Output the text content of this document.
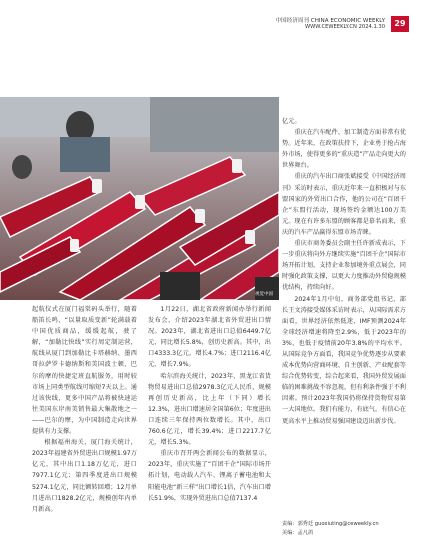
中国经济周刊 CHINA ECONOMIC WEEKLY
WWW.CEWEEKLY.CN 2024.1.30	29
视觉中国

起航仪式在厦门福棠码头举行，随着船笛长鸣，“以量取质变新”轮满载着中国优质商品，缓缓起航，驶了解，“加勒比快线”实行周定制运营，航线从厦门到加勒比卡塔赫纳、墨西哥拉萨罗卡德纳斯和美国波士顿、巴尔的摩的快捷定班直航服务，用时较市场上同类型航线可缩短7天以上。通过该快线，更多中国产品将被快速运往美国东岸南美销售最大集散地之一——巴尔的摩，为中国制造走向世界提供有力支撑。

根据福州海关、厦门海关统计，2023年福建省外贸进出口规模1.97万亿元，其中出口1.18万亿元，进口7977.1亿元；第四季度进出口规模5274.1亿元，同比额转回增；12月单月进出口1828.2亿元，规模创年内单月新高。

1月22日，湖北省政府新闻办举行新闻发布会，介绍2023年湖北省外贸进出口情况。2023年，湖北省进出口总值6449.7亿元，同比增长5.8%，创历史新高。其中，出口4333.3亿元，增长4.7%；进口2116.4亿元，增长7.9%。

哈尔滨海关统计，2023年，黑龙江省货物贸易进出口总值2978.3亿元人民币，规模再创历史新高，比上年（下同）增长12.3%，进出口增速居全国第6位；年度进出口连续三年保持两位数增长。其中，出口760.6亿元，增长39.4%；进口2217.7亿元，增长5.3%。

重庆市召开两会新闻公布的数据显示，2023年，重庆实施了“百团千企”国际市场开拓计划，电动载人汽车、锂离子蓄电池和太阳能电池“新三样”出口增长1倍，汽车出口增长51.9%，实现外贸进出口总值7137.4

亿元。

重庆在汽车配件、加工制造方面非常有优势。近年来，在政策扶持下，企业勇于抢占海外市场，使得更多的“重庆造”产品走向更大的世界舞台。

重庆的汽车出口商张斌接受《中国经济周刊》采访时表示，重庆近年来一直积极对与东盟国家的外贸出口合作，他的公司在“百团千企”东盟行活动，现场签约金额达100万美元。现在有许多东盟的顾客都是慕名而来，重庆的汽车产品赢得东盟市场青睐。

重庆市商务委员会副主任许新成表示，下一步重庆将向外方继续实施“百团千企”国际市场开拓计划，支持企业参加境外重点展会，同时强化政策支撑，以更大力度推动外贸稳规模优结构，持续向好。

2024年1月中旬，商务部党组书记、部长王文涛接受媒体采访时表示，从国际需求方面看，世界经济依然低迷，IMF预测2024年全球经济增速将降至2.9%，低于2023年的3%，也低于疫情前20年3.8%的平均水平。从国际竞争方面看，我国竞争优势逐步从要素成本优势向营商环境、自主创新、产业配套等综合优势转变，综合起来看，我国外贸发展面临的困难挑战不容忽视，但有利条件强于不利因素。预计2023年我国仍将保持货物贸易第一大国地位。我们有能力，有底气，有信心在更高水平上推动贸易强国建设迈出新步伐。

责编：郭秀廷 guoxiuting@ceweekly.cn
美编：孟凡鸽
